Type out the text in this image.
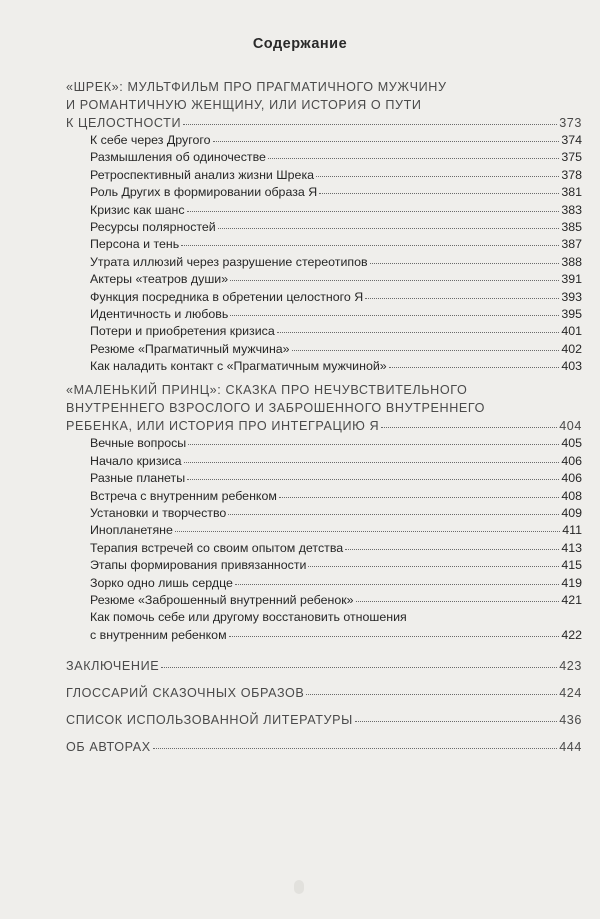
Содержание
«ШРЕК»: МУЛЬТФИЛЬМ ПРО ПРАГМАТИЧНОГО МУЖЧИНУ
И РОМАНТИЧНУЮ ЖЕНЩИНУ, ИЛИ ИСТОРИЯ О ПУТИ
К ЦЕЛОСТНОСТИ	373
К себе через Другого	374
Размышления об одиночестве	375
Ретроспективный анализ жизни Шрека	378
Роль Других в формировании образа Я	381
Кризис как шанс	383
Ресурсы полярностей	385
Персона и тень	387
Утрата иллюзий через разрушение стереотипов	388
Актеры «театров души»	391
Функция посредника в обретении целостного Я	393
Идентичность и любовь	395
Потери и приобретения кризиса	401
Резюме «Прагматичный мужчина»	402
Как наладить контакт с «Прагматичным мужчиной»	403
«МАЛЕНЬКИЙ ПРИНЦ»: СКАЗКА ПРО НЕЧУВСТВИТЕЛЬНОГО
ВНУТРЕННЕГО ВЗРОСЛОГО И ЗАБРОШЕННОГО ВНУТРЕННЕГО
РЕБЕНКА, ИЛИ ИСТОРИЯ ПРО ИНТЕГРАЦИЮ Я	404
Вечные вопросы	405
Начало кризиса	406
Разные планеты	406
Встреча с внутренним ребенком	408
Установки и творчество	409
Инопланетяне	411
Терапия встречей со своим опытом детства	413
Этапы формирования привязанности	415
Зорко одно лишь сердце	419
Резюме «Заброшенный внутренний ребенок»	421
Как помочь себе или другому восстановить отношения
с внутренним ребенком	422
ЗАКЛЮЧЕНИЕ	423
ГЛОССАРИЙ СКАЗОЧНЫХ ОБРАЗОВ	424
СПИСОК ИСПОЛЬЗОВАННОЙ ЛИТЕРАТУРЫ	436
ОБ АВТОРАХ	444
